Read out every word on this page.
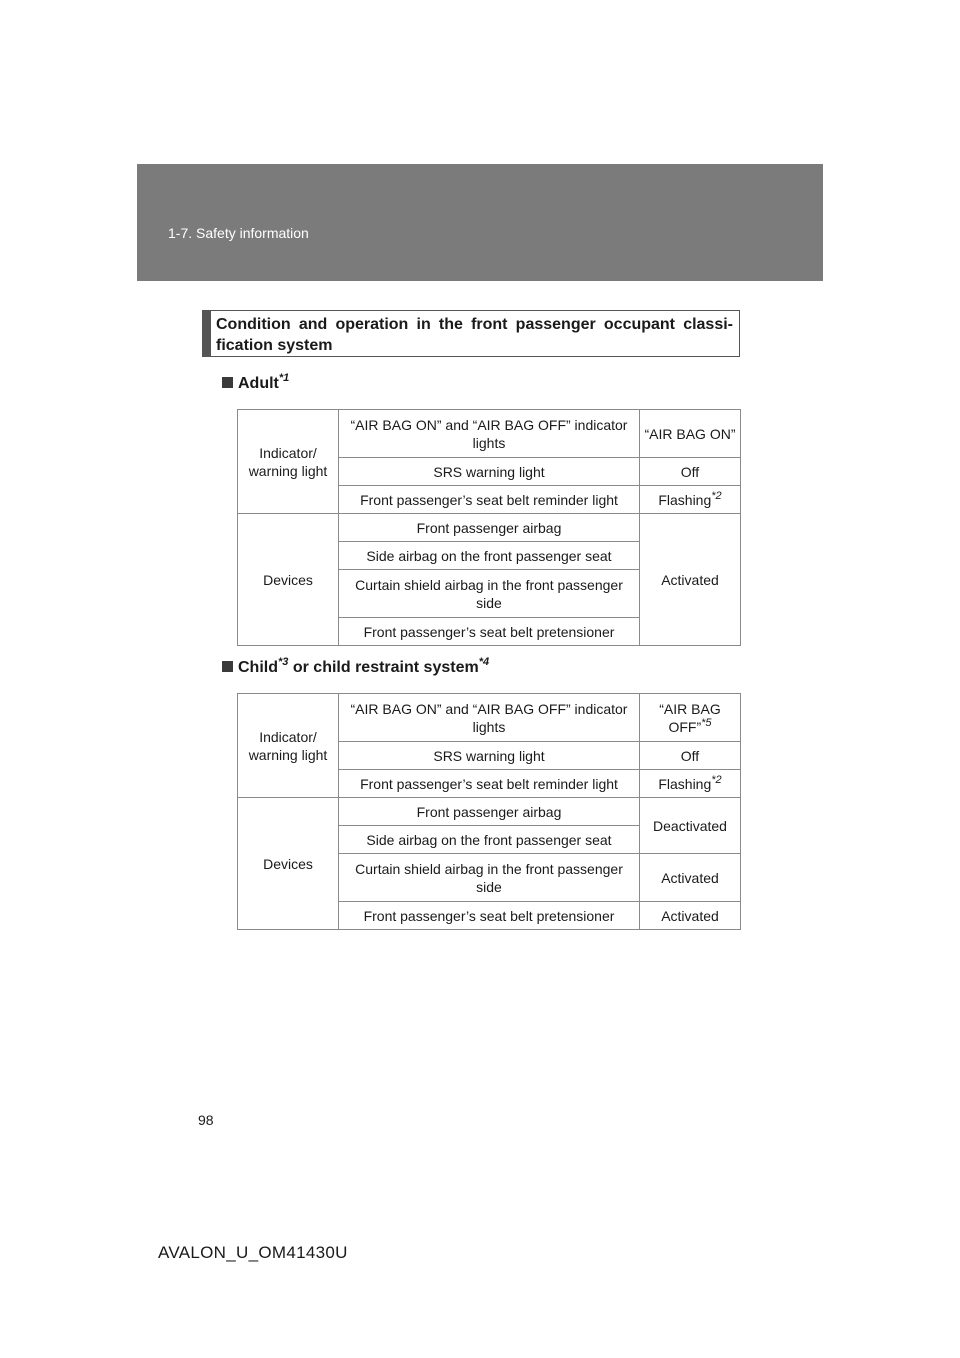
1-7. Safety information
Condition and operation in the front passenger occupant classi-fication system
Adult$^{*1}$
Indicator/ warning light	“AIR BAG ON” and “AIR BAG OFF” indicator lights	“AIR BAG ON”
	SRS warning light	Off
	Front passenger’s seat belt reminder light	Flashing$^{*2}$
Devices	Front passenger airbag	Activated
	Side airbag on the front passenger seat	
	Curtain shield airbag in the front passenger side	
	Front passenger’s seat belt pretensioner	
Child$^{*3}$ or child restraint system$^{*4}$
Indicator/ warning light	“AIR BAG ON” and “AIR BAG OFF” indicator lights	“AIR BAG OFF”$^{*5}$
	SRS warning light	Off
	Front passenger’s seat belt reminder light	Flashing$^{*2}$
Devices	Front passenger airbag	Deactivated
	Side airbag on the front passenger seat	
	Curtain shield airbag in the front passenger side	Activated
	Front passenger’s seat belt pretensioner	Activated
98
AVALON_U_OM41430U
